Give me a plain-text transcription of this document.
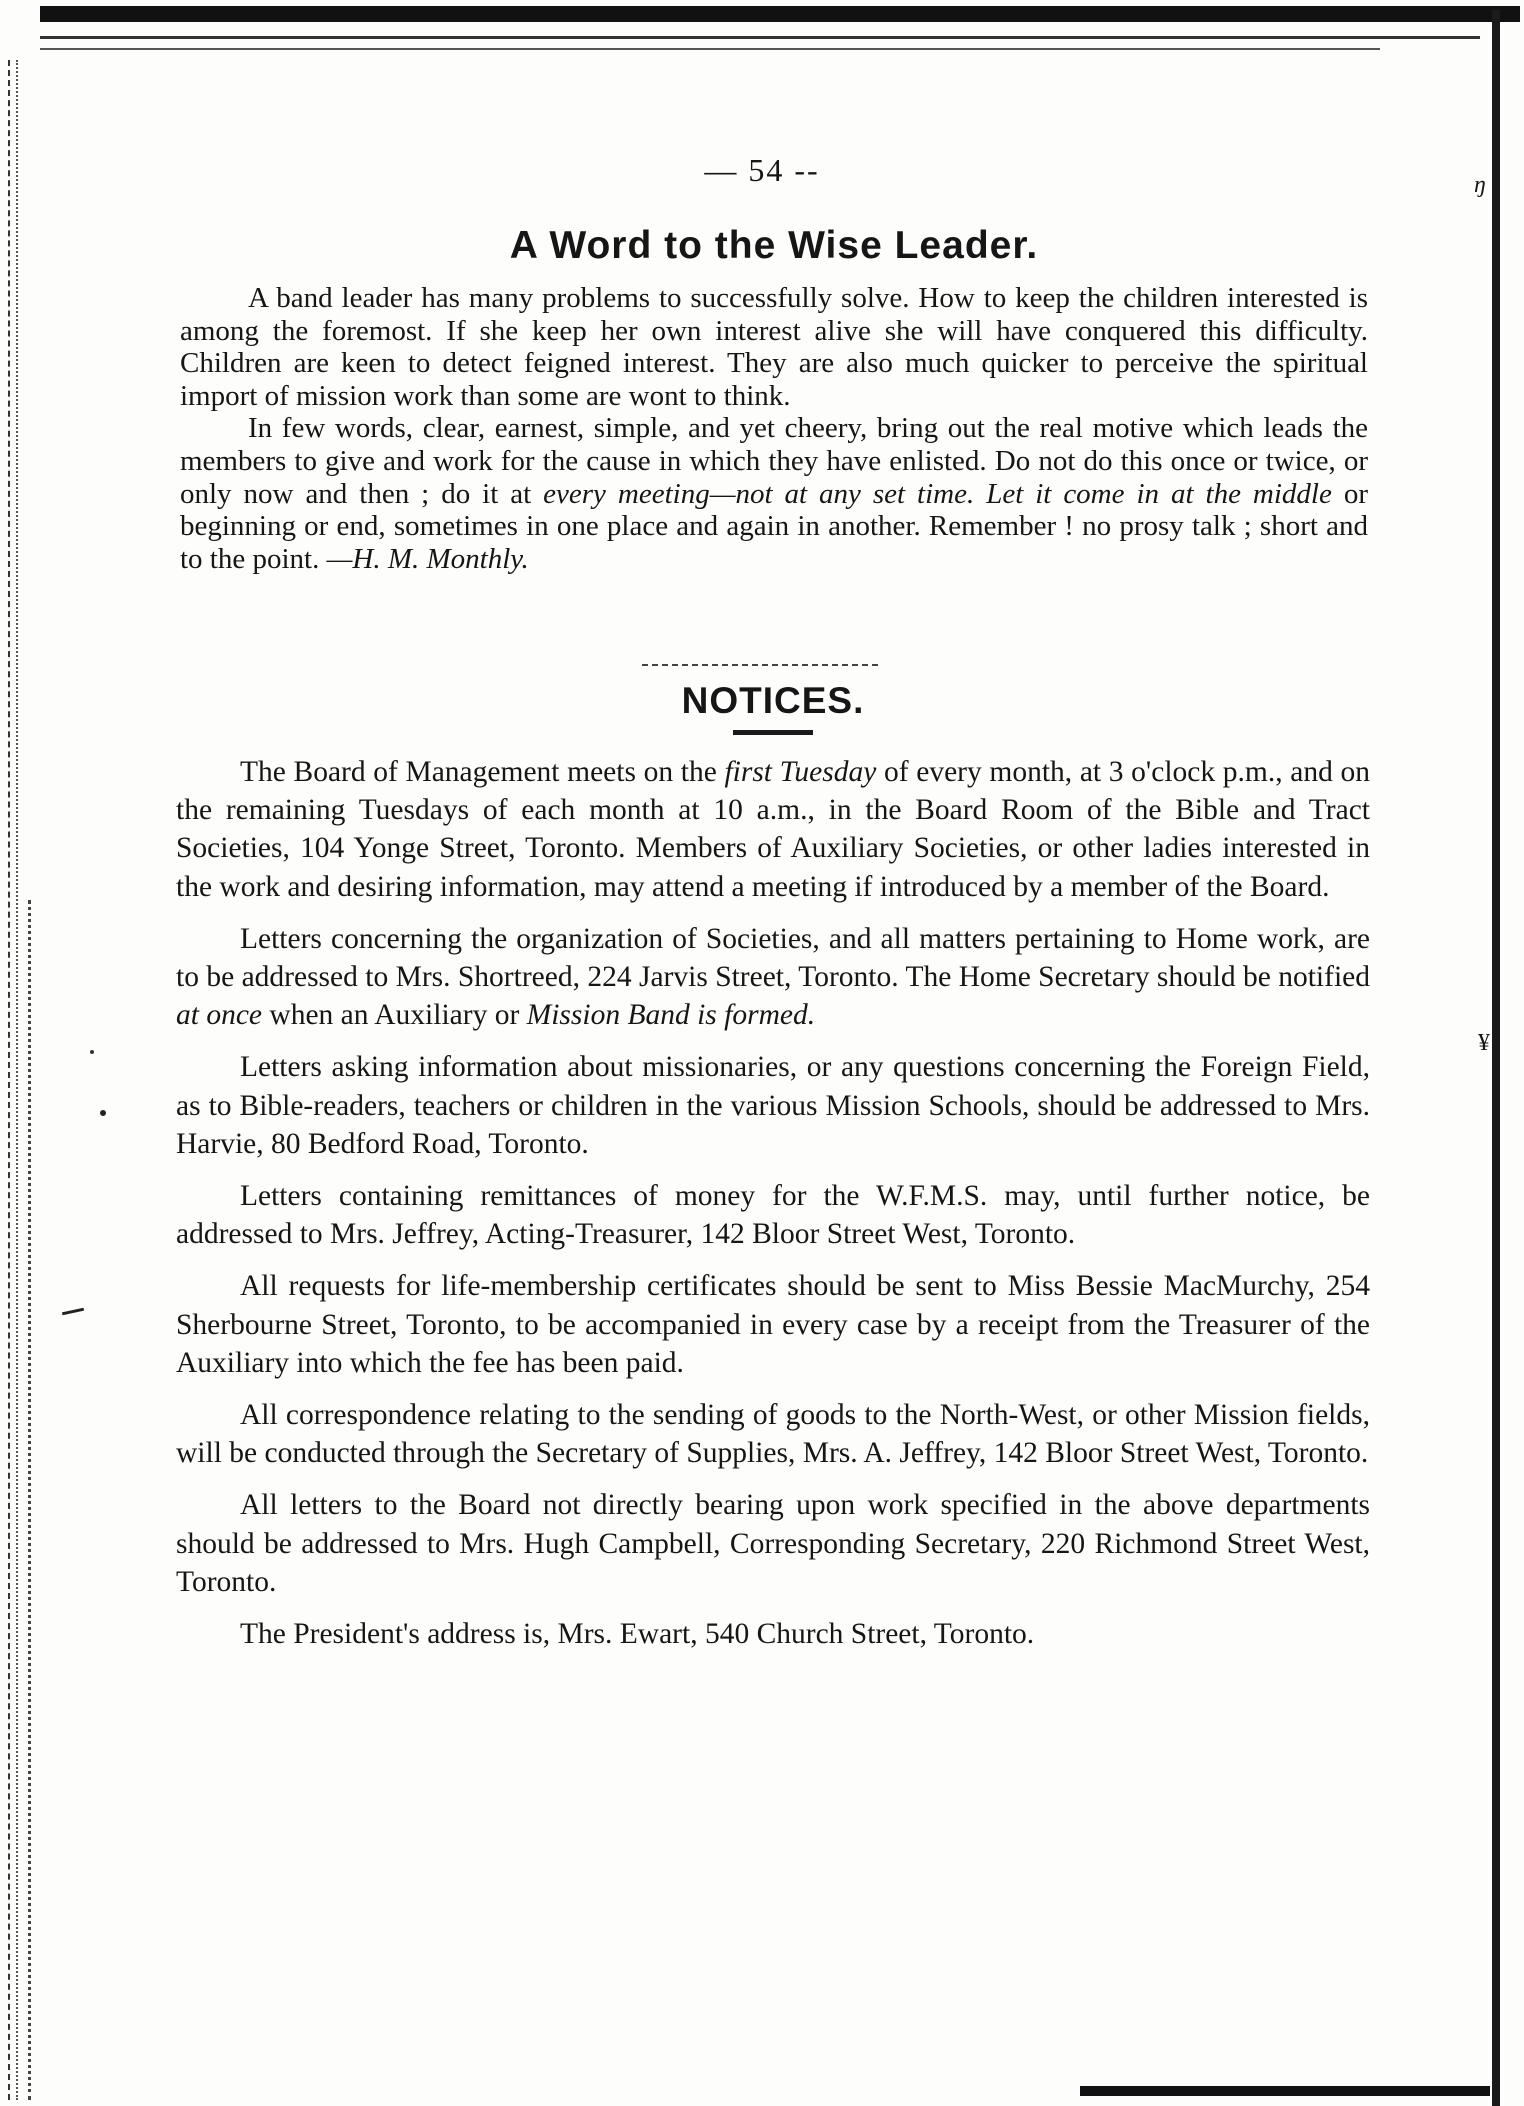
ŋ
¥
— 54 --
A Word to the Wise Leader.

A band leader has many problems to successfully solve. How to keep the children interested is among the foremost. If she keep her own interest alive she will have conquered this difficulty. Children are keen to detect feigned interest. They are also much quicker to perceive the spiritual import of mission work than some are wont to think.

In few words, clear, earnest, simple, and yet cheery, bring out the real motive which leads the members to give and work for the cause in which they have enlisted. Do not do this once or twice, or only now and then ; do it at every meeting—not at any set time. Let it come in at the middle or beginning or end, sometimes in one place and again in another. Remember ! no prosy talk ; short and to the point. —H. M. Monthly.

NOTICES.

The Board of Management meets on the first Tuesday of every month, at 3 o'clock p.m., and on the remaining Tuesdays of each month at 10 a.m., in the Board Room of the Bible and Tract Societies, 104 Yonge Street, Toronto. Members of Auxiliary Societies, or other ladies interested in the work and desiring information, may attend a meeting if introduced by a member of the Board.

Letters concerning the organization of Societies, and all matters pertaining to Home work, are to be addressed to Mrs. Shortreed, 224 Jarvis Street, Toronto. The Home Secretary should be notified at once when an Auxiliary or Mission Band is formed.

Letters asking information about missionaries, or any questions concerning the Foreign Field, as to Bible-readers, teachers or children in the various Mission Schools, should be addressed to Mrs. Harvie, 80 Bedford Road, Toronto.

Letters containing remittances of money for the W.F.M.S. may, until further notice, be addressed to Mrs. Jeffrey, Acting-Treasurer, 142 Bloor Street West, Toronto.

All requests for life-membership certificates should be sent to Miss Bessie MacMurchy, 254 Sherbourne Street, Toronto, to be accompanied in every case by a receipt from the Treasurer of the Auxiliary into which the fee has been paid.

All correspondence relating to the sending of goods to the North-West, or other Mission fields, will be conducted through the Secretary of Supplies, Mrs. A. Jeffrey, 142 Bloor Street West, Toronto.

All letters to the Board not directly bearing upon work specified in the above departments should be addressed to Mrs. Hugh Campbell, Corresponding Secretary, 220 Richmond Street West, Toronto.

The President's address is, Mrs. Ewart, 540 Church Street, Toronto.
